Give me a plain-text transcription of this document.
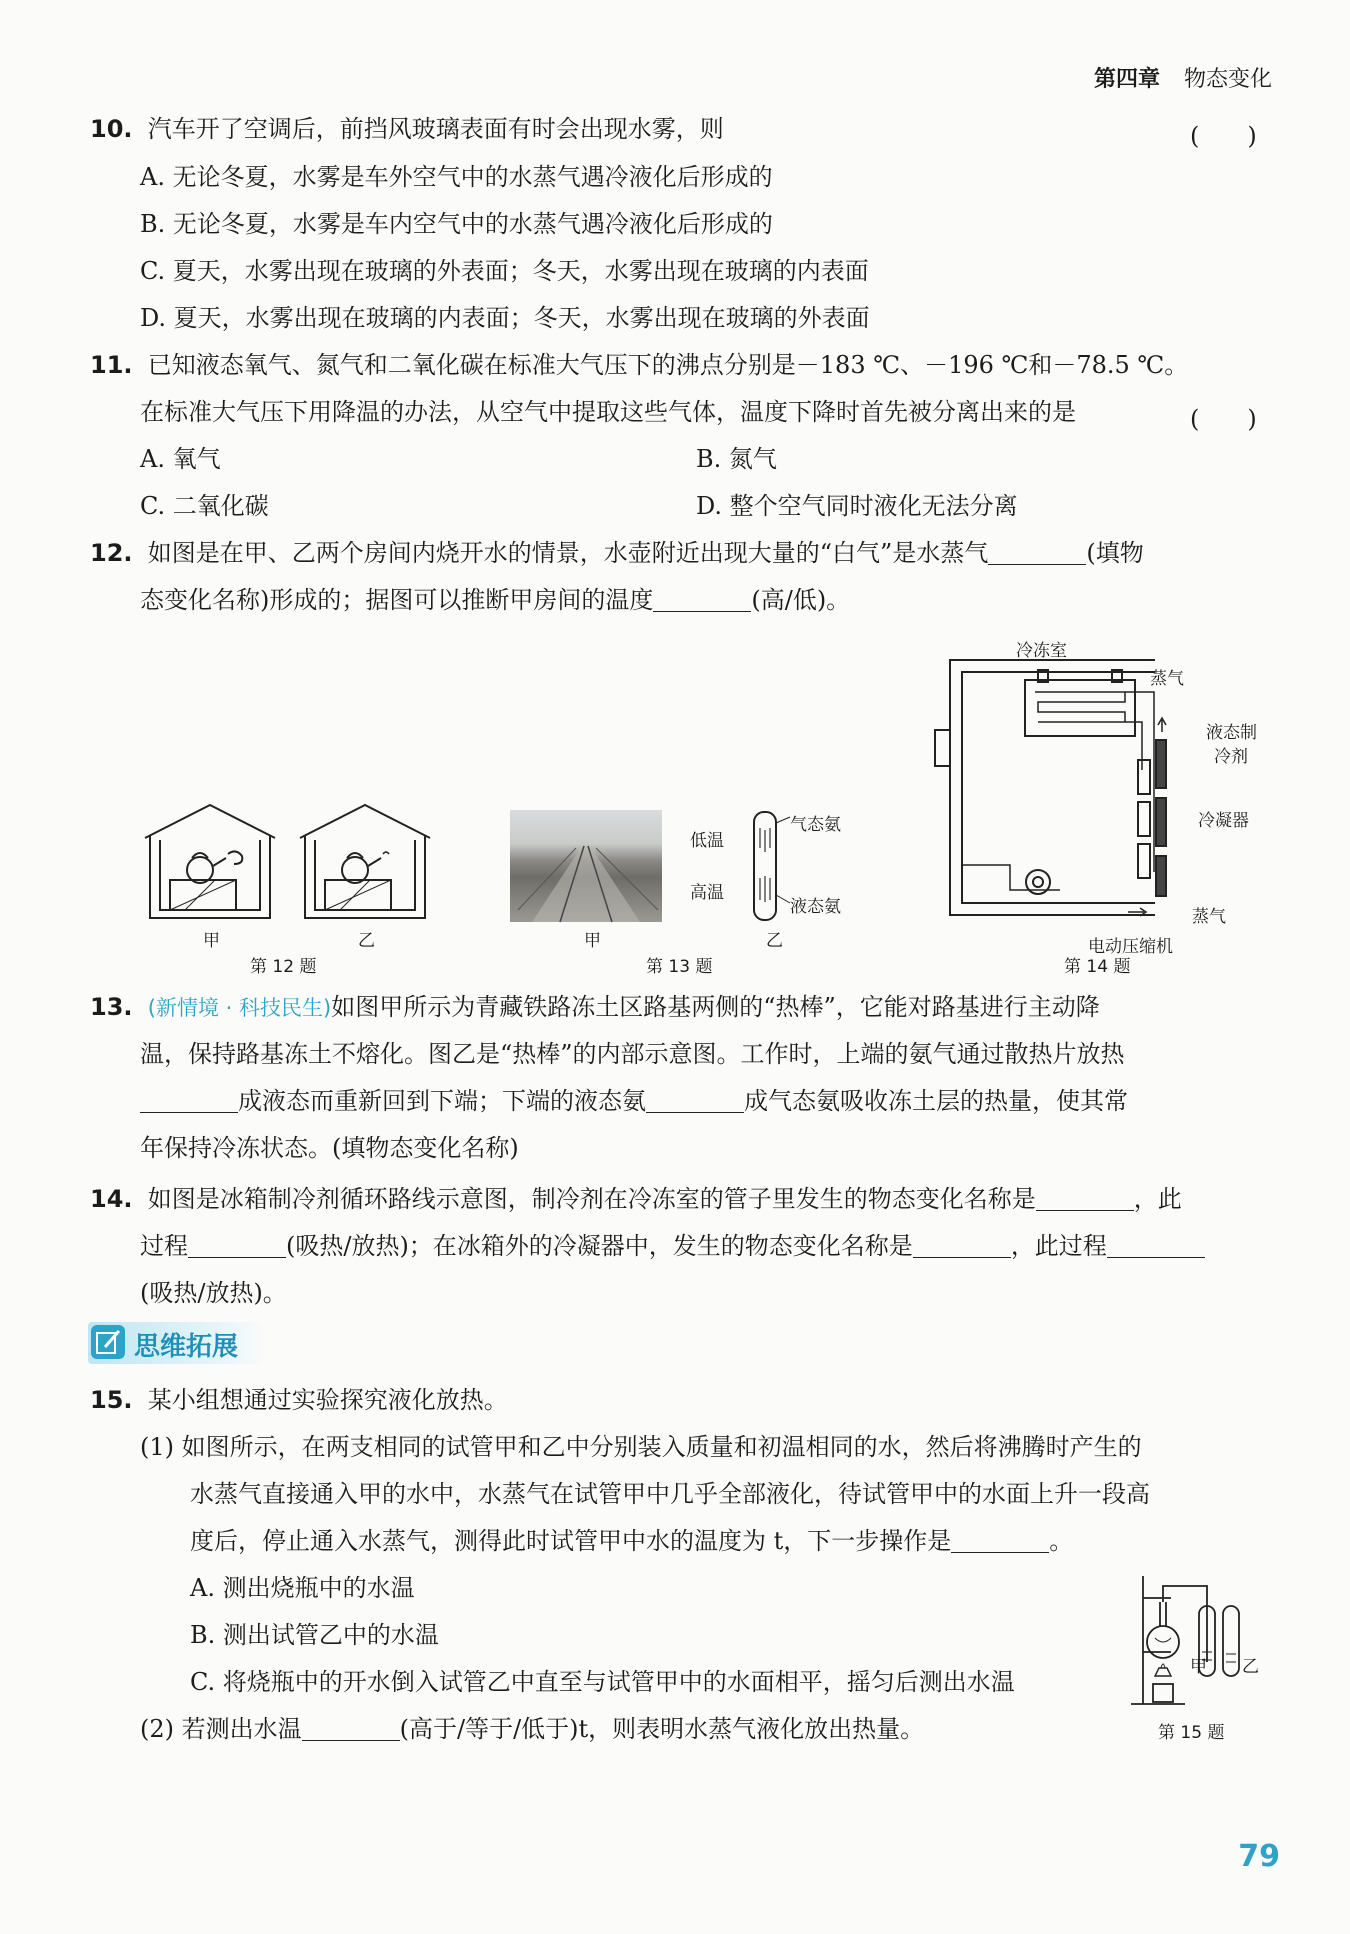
第四章 物态变化
10. 汽车开了空调后，前挡风玻璃表面有时会出现水雾，则	(　　)
A. 无论冬夏，水雾是车外空气中的水蒸气遇冷液化后形成的
B. 无论冬夏，水雾是车内空气中的水蒸气遇冷液化后形成的
C. 夏天，水雾出现在玻璃的外表面；冬天，水雾出现在玻璃的内表面
D. 夏天，水雾出现在玻璃的内表面；冬天，水雾出现在玻璃的外表面
11. 已知液态氧气、氮气和二氧化碳在标准大气压下的沸点分别是－183 ℃、－196 ℃和－78.5 ℃。
在标准大气压下用降温的办法，从空气中提取这些气体，温度下降时首先被分离出来的是	(　　)
A. 氧气	B. 氮气
C. 二氧化碳	D. 整个空气同时液化无法分离
12. 如图是在甲、乙两个房间内烧开水的情景，水壶附近出现大量的“白气”是水蒸气	(填物
态变化名称)形成的；据图可以推断甲房间的温度	(高/低)。
甲	乙
第 12 题
低温
高温
气态氨
液态氨
甲	乙
第 13 题
冷冻室
蒸气
液态制
冷剂
冷凝器
蒸气
电动压缩机
第 14 题
13. (新情境 · 科技民生)如图甲所示为青藏铁路冻土区路基两侧的“热棒”，它能对路基进行主动降
温，保持路基冻土不熔化。图乙是“热棒”的内部示意图。工作时，上端的氨气通过散热片放热
成液态而重新回到下端；下端的液态氨	成气态氨吸收冻土层的热量，使其常
年保持冷冻状态。(填物态变化名称)
14. 如图是冰箱制冷剂循环路线示意图，制冷剂在冷冻室的管子里发生的物态变化名称是	，此
过程	(吸热/放热)；在冰箱外的冷凝器中，发生的物态变化名称是	，此过程
(吸热/放热)。
思维拓展
15. 某小组想通过实验探究液化放热。
(1) 如图所示，在两支相同的试管甲和乙中分别装入质量和初温相同的水，然后将沸腾时产生的
水蒸气直接通入甲的水中，水蒸气在试管甲中几乎全部液化，待试管甲中的水面上升一段高
度后，停止通入水蒸气，测得此时试管甲中水的温度为 t，下一步操作是	。
A. 测出烧瓶中的水温
B. 测出试管乙中的水温
C. 将烧瓶中的开水倒入试管乙中直至与试管甲中的水面相平，摇匀后测出水温
(2) 若测出水温	(高于/等于/低于)t，则表明水蒸气液化放出热量。
甲 乙
第 15 题
79
